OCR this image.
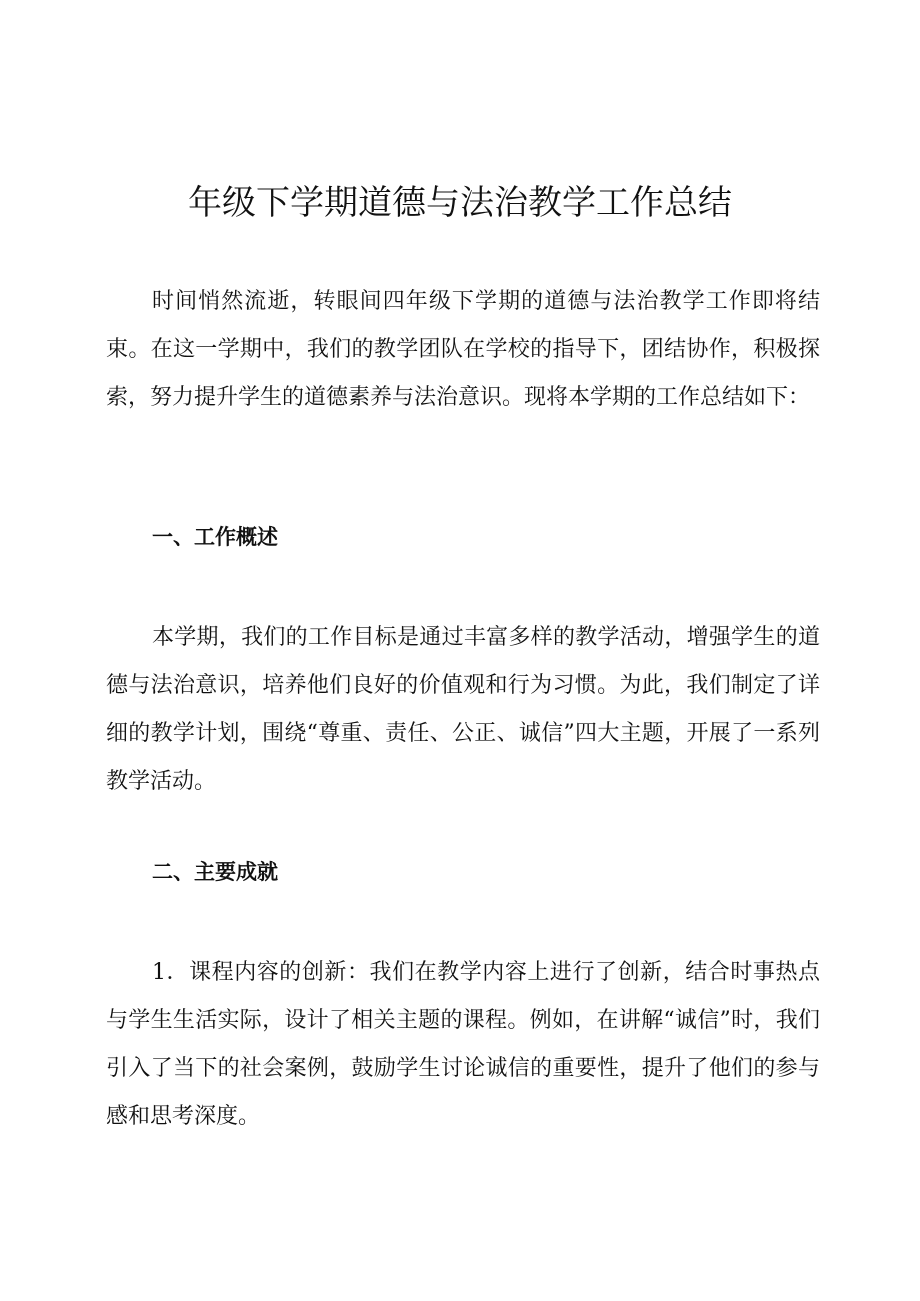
年级下学期道德与法治教学工作总结

时间悄然流逝，转眼间四年级下学期的道德与法治教学工作即将结束。在这一学期中，我们的教学团队在学校的指导下，团结协作，积极探索，努力提升学生的道德素养与法治意识。现将本学期的工作总结如下：

一、工作概述

本学期，我们的工作目标是通过丰富多样的教学活动，增强学生的道德与法治意识，培养他们良好的价值观和行为习惯。为此，我们制定了详细的教学计划，围绕“尊重、责任、公正、诚信”四大主题，开展了一系列教学活动。

二、主要成就

1．课程内容的创新：我们在教学内容上进行了创新，结合时事热点与学生生活实际，设计了相关主题的课程。例如，在讲解“诚信”时，我们引入了当下的社会案例，鼓励学生讨论诚信的重要性，提升了他们的参与感和思考深度。
